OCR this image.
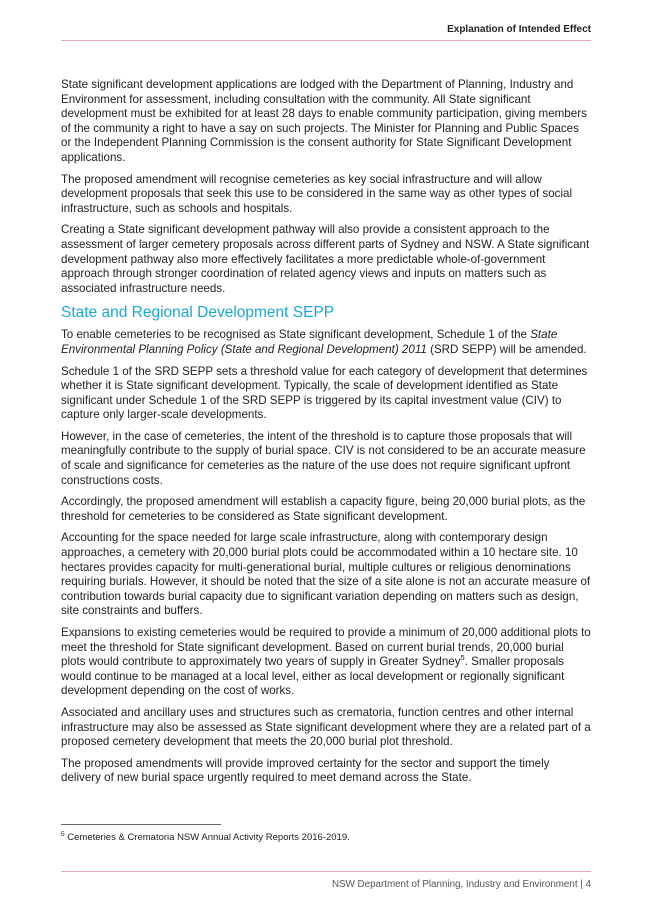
Explanation of Intended Effect

State significant development applications are lodged with the Department of Planning, Industry and Environment for assessment, including consultation with the community. All State significant development must be exhibited for at least 28 days to enable community participation, giving members of the community a right to have a say on such projects. The Minister for Planning and Public Spaces or the Independent Planning Commission is the consent authority for State Significant Development applications.

The proposed amendment will recognise cemeteries as key social infrastructure and will allow development proposals that seek this use to be considered in the same way as other types of social infrastructure, such as schools and hospitals.

Creating a State significant development pathway will also provide a consistent approach to the assessment of larger cemetery proposals across different parts of Sydney and NSW. A State significant development pathway also more effectively facilitates a more predictable whole-of-government approach through stronger coordination of related agency views and inputs on matters such as associated infrastructure needs.

State and Regional Development SEPP

To enable cemeteries to be recognised as State significant development, Schedule 1 of the State Environmental Planning Policy (State and Regional Development) 2011 (SRD SEPP) will be amended.

Schedule 1 of the SRD SEPP sets a threshold value for each category of development that determines whether it is State significant development. Typically, the scale of development identified as State significant under Schedule 1 of the SRD SEPP is triggered by its capital investment value (CIV) to capture only larger-scale developments.

However, in the case of cemeteries, the intent of the threshold is to capture those proposals that will meaningfully contribute to the supply of burial space. CIV is not considered to be an accurate measure of scale and significance for cemeteries as the nature of the use does not require significant upfront constructions costs.

Accordingly, the proposed amendment will establish a capacity figure, being 20,000 burial plots, as the threshold for cemeteries to be considered as State significant development.

Accounting for the space needed for large scale infrastructure, along with contemporary design approaches, a cemetery with 20,000 burial plots could be accommodated within a 10 hectare site. 10 hectares provides capacity for multi-generational burial, multiple cultures or religious denominations requiring burials. However, it should be noted that the size of a site alone is not an accurate measure of contribution towards burial capacity due to significant variation depending on matters such as design, site constraints and buffers.

Expansions to existing cemeteries would be required to provide a minimum of 20,000 additional plots to meet the threshold for State significant development. Based on current burial trends, 20,000 burial plots would contribute to approximately two years of supply in Greater Sydney$^5$. Smaller proposals would continue to be managed at a local level, either as local development or regionally significant development depending on the cost of works.

Associated and ancillary uses and structures such as crematoria, function centres and other internal infrastructure may also be assessed as State significant development where they are a related part of a proposed cemetery development that meets the 20,000 burial plot threshold.

The proposed amendments will provide improved certainty for the sector and support the timely delivery of new burial space urgently required to meet demand across the State.

$^5$ Cemeteries & Crematoria NSW Annual Activity Reports 2016-2019.
NSW Department of Planning, Industry and Environment | 4
